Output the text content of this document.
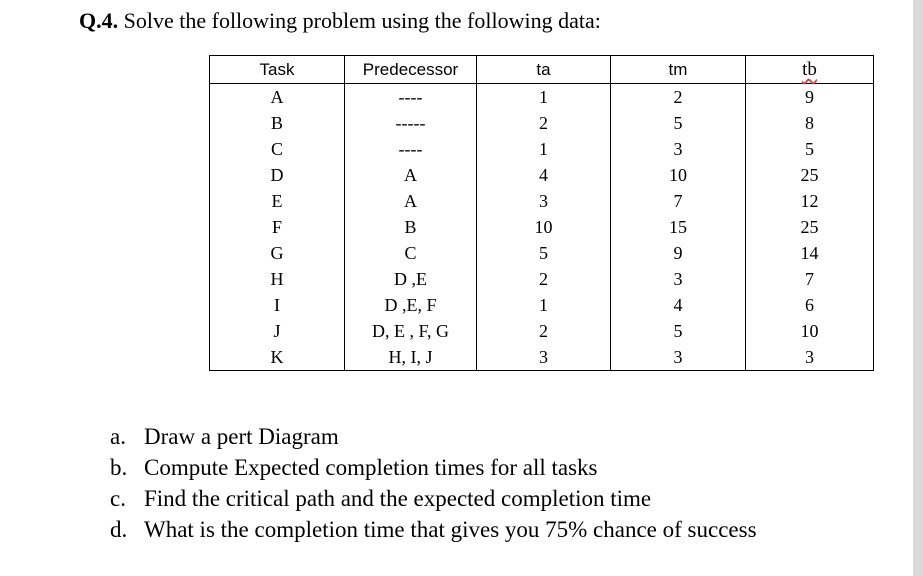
Q.4. Solve the following problem using the following data:
Task	Predecessor	ta	tm	tb
A	----	1	2	9
B	-----	2	5	8
C	----	1	3	5
D	A	4	10	25
E	A	3	7	12
F	B	10	15	25
G	C	5	9	14
H	D ,E	2	3	7
I	D ,E, F	1	4	6
J	D, E , F, G	2	5	10
K	H, I, J	3	3	3
a. Draw a pert Diagram
b. Compute Expected completion times for all tasks
c. Find the critical path and the expected completion time
d. What is the completion time that gives you 75% chance of success
